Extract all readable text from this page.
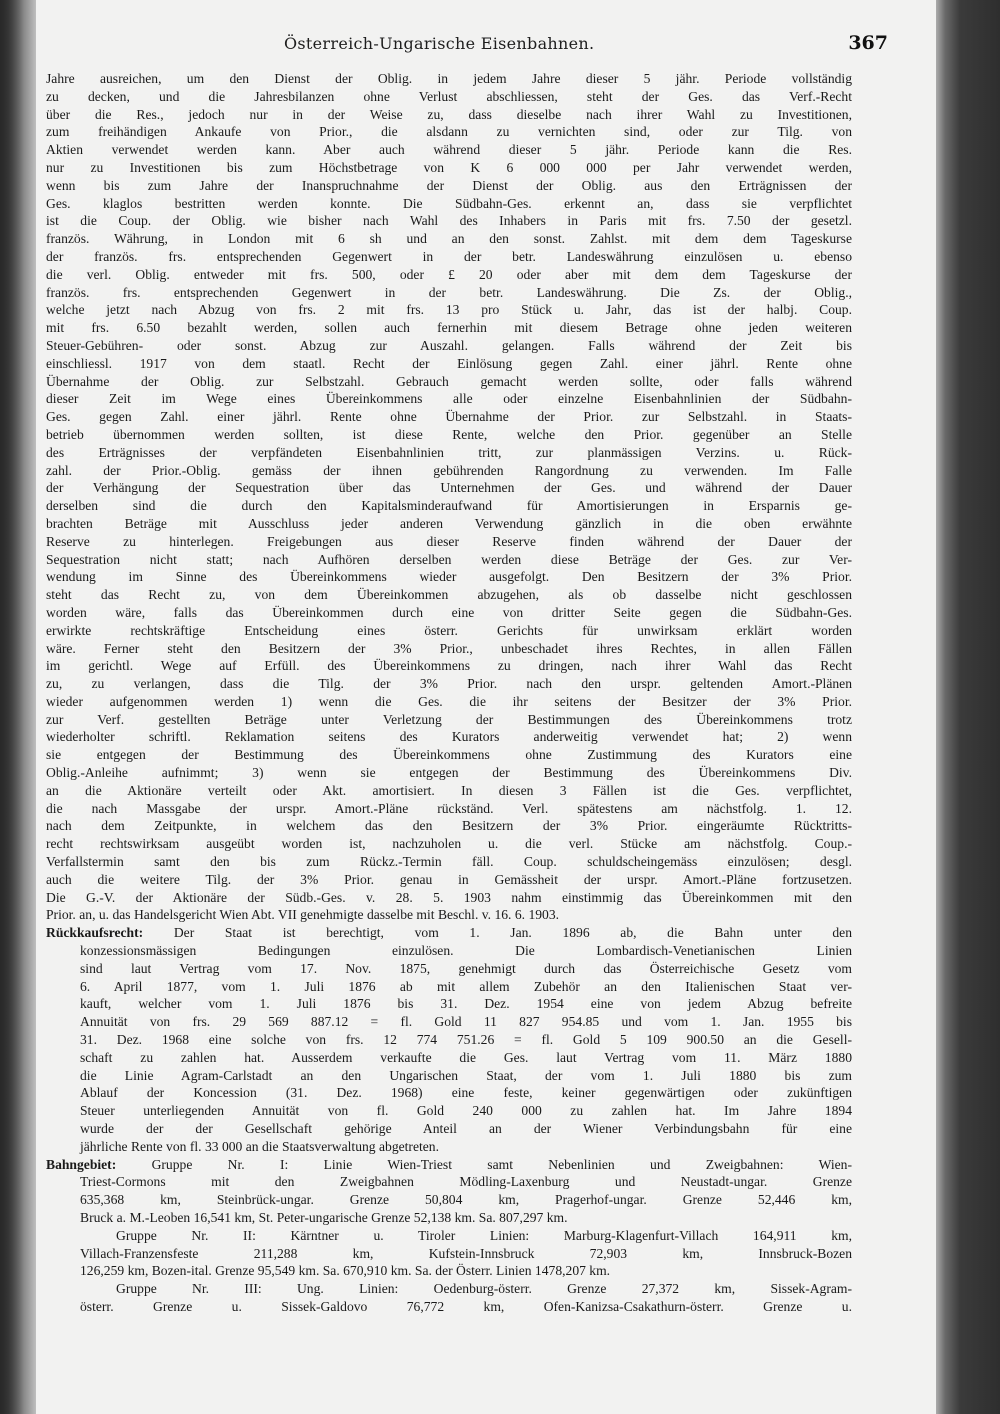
Österreich-Ungarische Eisenbahnen.	367
Jahre ausreichen, um den Dienst der Oblig. in jedem Jahre dieser 5 jähr. Periode vollständig
zu decken, und die Jahresbilanzen ohne Verlust abschliessen, steht der Ges. das Verf.-Recht
über die Res., jedoch nur in der Weise zu, dass dieselbe nach ihrer Wahl zu Investitionen,
zum freihändigen Ankaufe von Prior., die alsdann zu vernichten sind, oder zur Tilg. von
Aktien verwendet werden kann. Aber auch während dieser 5 jähr. Periode kann die Res.
nur zu Investitionen bis zum Höchstbetrage von K 6 000 000 per Jahr verwendet werden,
wenn bis zum Jahre der Inanspruchnahme der Dienst der Oblig. aus den Erträgnissen der
Ges. klaglos bestritten werden konnte. Die Südbahn-Ges. erkennt an, dass sie verpflichtet
ist die Coup. der Oblig. wie bisher nach Wahl des Inhabers in Paris mit frs. 7.50 der gesetzl.
französ. Währung, in London mit 6 sh und an den sonst. Zahlst. mit dem dem Tageskurse
der französ. frs. entsprechenden Gegenwert in der betr. Landeswährung einzulösen u. ebenso
die verl. Oblig. entweder mit frs. 500, oder £ 20 oder aber mit dem dem Tageskurse der
französ. frs. entsprechenden Gegenwert in der betr. Landeswährung. Die Zs. der Oblig.,
welche jetzt nach Abzug von frs. 2 mit frs. 13 pro Stück u. Jahr, das ist der halbj. Coup.
mit frs. 6.50 bezahlt werden, sollen auch fernerhin mit diesem Betrage ohne jeden weiteren
Steuer-Gebühren- oder sonst. Abzug zur Auszahl. gelangen. Falls während der Zeit bis
einschliessl. 1917 von dem staatl. Recht der Einlösung gegen Zahl. einer jährl. Rente ohne
Übernahme der Oblig. zur Selbstzahl. Gebrauch gemacht werden sollte, oder falls während
dieser Zeit im Wege eines Übereinkommens alle oder einzelne Eisenbahnlinien der Südbahn-
Ges. gegen Zahl. einer jährl. Rente ohne Übernahme der Prior. zur Selbstzahl. in Staats-
betrieb übernommen werden sollten, ist diese Rente, welche den Prior. gegenüber an Stelle
des Erträgnisses der verpfändeten Eisenbahnlinien tritt, zur planmässigen Verzins. u. Rück-
zahl. der Prior.-Oblig. gemäss der ihnen gebührenden Rangordnung zu verwenden. Im Falle
der Verhängung der Sequestration über das Unternehmen der Ges. und während der Dauer
derselben sind die durch den Kapitalsminderaufwand für Amortisierungen in Ersparnis ge-
brachten Beträge mit Ausschluss jeder anderen Verwendung gänzlich in die oben erwähnte
Reserve zu hinterlegen. Freigebungen aus dieser Reserve finden während der Dauer der
Sequestration nicht statt; nach Aufhören derselben werden diese Beträge der Ges. zur Ver-
wendung im Sinne des Übereinkommens wieder ausgefolgt. Den Besitzern der 3% Prior.
steht das Recht zu, von dem Übereinkommen abzugehen, als ob dasselbe nicht geschlossen
worden wäre, falls das Übereinkommen durch eine von dritter Seite gegen die Südbahn-Ges.
erwirkte rechtskräftige Entscheidung eines österr. Gerichts für unwirksam erklärt worden
wäre. Ferner steht den Besitzern der 3% Prior., unbeschadet ihres Rechtes, in allen Fällen
im gerichtl. Wege auf Erfüll. des Übereinkommens zu dringen, nach ihrer Wahl das Recht
zu, zu verlangen, dass die Tilg. der 3% Prior. nach den urspr. geltenden Amort.-Plänen
wieder aufgenommen werden 1) wenn die Ges. die ihr seitens der Besitzer der 3% Prior.
zur Verf. gestellten Beträge unter Verletzung der Bestimmungen des Übereinkommens trotz
wiederholter schriftl. Reklamation seitens des Kurators anderweitig verwendet hat; 2) wenn
sie entgegen der Bestimmung des Übereinkommens ohne Zustimmung des Kurators eine
Oblig.-Anleihe aufnimmt; 3) wenn sie entgegen der Bestimmung des Übereinkommens Div.
an die Aktionäre verteilt oder Akt. amortisiert. In diesen 3 Fällen ist die Ges. verpflichtet,
die nach Massgabe der urspr. Amort.-Pläne rückständ. Verl. spätestens am nächstfolg. 1. 12.
nach dem Zeitpunkte, in welchem das den Besitzern der 3% Prior. eingeräumte Rücktritts-
recht rechtswirksam ausgeübt worden ist, nachzuholen u. die verl. Stücke am nächstfolg. Coup.-
Verfallstermin samt den bis zum Rückz.-Termin fäll. Coup. schuldscheingemäss einzulösen; desgl.
auch die weitere Tilg. der 3% Prior. genau in Gemässheit der urspr. Amort.-Pläne fortzusetzen.
Die G.-V. der Aktionäre der Südb.-Ges. v. 28. 5. 1903 nahm einstimmig das Übereinkommen mit den
Prior. an, u. das Handelsgericht Wien Abt. VII genehmigte dasselbe mit Beschl. v. 16. 6. 1903.
Rückkaufsrecht: Der Staat ist berechtigt, vom 1. Jan. 1896 ab, die Bahn unter den
konzessionsmässigen Bedingungen einzulösen. Die Lombardisch-Venetianischen Linien
sind laut Vertrag vom 17. Nov. 1875, genehmigt durch das Österreichische Gesetz vom
6. April 1877, vom 1. Juli 1876 ab mit allem Zubehör an den Italienischen Staat ver-
kauft, welcher vom 1. Juli 1876 bis 31. Dez. 1954 eine von jedem Abzug befreite
Annuität von frs. 29 569 887.12 = fl. Gold 11 827 954.85 und vom 1. Jan. 1955 bis
31. Dez. 1968 eine solche von frs. 12 774 751.26 = fl. Gold 5 109 900.50 an die Gesell-
schaft zu zahlen hat. Ausserdem verkaufte die Ges. laut Vertrag vom 11. März 1880
die Linie Agram-Carlstadt an den Ungarischen Staat, der vom 1. Juli 1880 bis zum
Ablauf der Koncession (31. Dez. 1968) eine feste, keiner gegenwärtigen oder zukünftigen
Steuer unterliegenden Annuität von fl. Gold 240 000 zu zahlen hat. Im Jahre 1894
wurde der der Gesellschaft gehörige Anteil an der Wiener Verbindungsbahn für eine
jährliche Rente von fl. 33 000 an die Staatsverwaltung abgetreten.
Bahngebiet:	Gruppe Nr. I: Linie Wien-Triest samt Nebenlinien und Zweigbahnen: Wien-
Triest-Cormons mit den Zweigbahnen Mödling-Laxenburg und Neustadt-ungar. Grenze
635,368 km, Steinbrück-ungar. Grenze 50,804 km, Pragerhof-ungar. Grenze 52,446 km,
Bruck a. M.-Leoben 16,541 km, St. Peter-ungarische Grenze 52,138 km. Sa. 807,297 km.
Gruppe Nr. II: Kärntner u. Tiroler Linien: Marburg-Klagenfurt-Villach 164,911 km,
Villach-Franzensfeste 211,288 km, Kufstein-Innsbruck 72,903 km, Innsbruck-Bozen
126,259 km, Bozen-ital. Grenze 95,549 km. Sa. 670,910 km. Sa. der Österr. Linien 1478,207 km.
Gruppe Nr. III: Ung. Linien: Oedenburg-österr. Grenze 27,372 km, Sissek-Agram-
österr. Grenze u. Sissek-Galdovo 76,772 km, Ofen-Kanizsa-Csakathurn-österr. Grenze u.
